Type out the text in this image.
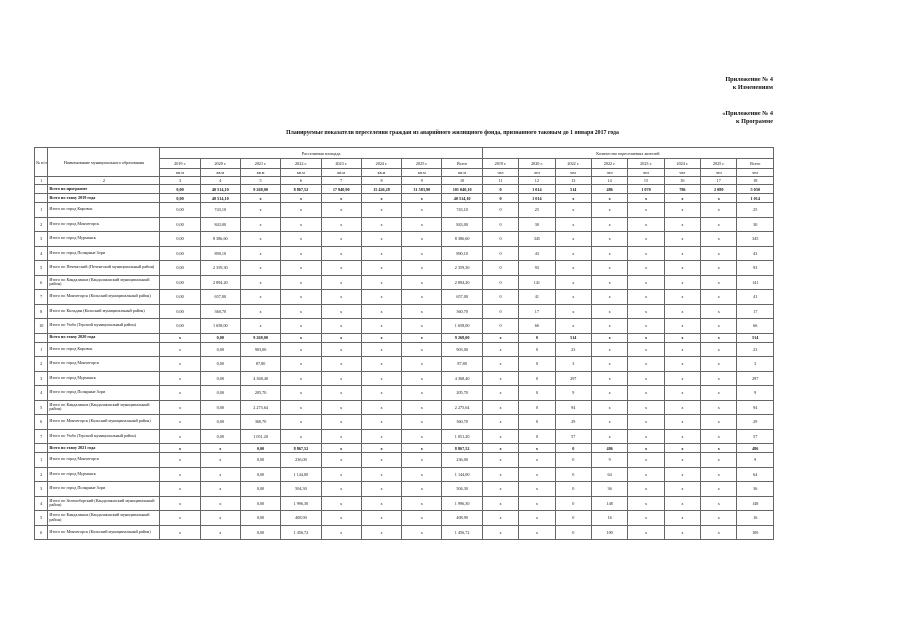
Приложение № 4
к Изменениям
«Приложение № 4
к Программе
Планируемые показатели переселения граждан из аварийного жилищного фонда, признанного таковым до 1 января 2017 года
№ п/п	Наименование муниципального образования	Расселяемая площадь								Количество переселяемых жителей							
		2019 г.	2020 г.	2021 г.	2022 г.	2023 г.	2024 г.	2025 г.	Всего	2019 г.	2020 г.	2022 г.	2022 г.	2023 г.	2024 г.	2025 г.	Всего
		кв.м	кв.м	кв.м	кв.м	кв.м	кв.м	кв.м	кв.м	чел	чел	чел	чел	чел	чел	чел	чел
1	2	3	4	5	6	7	8	9	10	11	12	13	14	15	16	17	18
	Всего по программе	0,00	40 514,10	9 268,00	8 867,52	17 940,90	15 426,28	31 583,90	101 040,10	0	1 014	514	486	1 070	786	2 080	5 030
	Всего по этапу 2019 года	0,00	40 514,10	х	х	х	х	х	40 514,10	0	1 014	х	х	х	х	х	1 014
1	Итого по город Кировск	0,00	743,10	х	х	х	х	х	743,10	0	25	х	х	х	х	х	25
2	Итого по город Мончегорск	0,00	843,00	х	х	х	х	х	843,00	0	30	х	х	х	х	х	30
3	Итого по город Мурманск	0,00	8 386,60	х	х	х	х	х	8 386,60	0	345	х	х	х	х	х	345
4	Итого по город Полярные Зори	0,00	890,10	х	х	х	х	х	890,10	0	43	х	х	х	х	х	43
5	Итого по Печенгский (Печенгский муниципальный район)	0,00	2 359,30	х	х	х	х	х	2 359,30	0	93	х	х	х	х	х	93
6	Итого по Кандалакша (Кандалакшский муниципальный район)	0,00	2 894,20	х	х	х	х	х	2 894,20	0	141	х	х	х	х	х	141
7	Итого по Мончегорск (Кольский муниципальный район)	0,00	657,00	х	х	х	х	х	657,00	0	41	х	х	х	х	х	41
8	Итого по Кильдин (Кольский муниципальный район)	0,00	360,70	х	х	х	х	х	360,70	0	17	х	х	х	х	х	17
10	Итого по Умба (Терский муниципальный район)	0,00	1 658,00	х	х	х	х	х	1 658,00	0	66	х	х	х	х	х	66
	Всего по этапу 2020 года	х	0,00	9 268,00	х	х	х	х	9 268,00	х	0	514	х	х	х	х	514
1	Итого по город Кировск	х	0,00	903,00	х	х	х	х	903,00	х	0	23	х	х	х	х	23
2	Итого по город Мончегорск	х	0,00	87,80	х	х	х	х	87,80	х	0	3	х	х	х	х	3
3	Итого по город Мурманск	х	0,00	4 368,40	х	х	х	х	4 368,40	х	0	297	х	х	х	х	297
4	Итого по город Полярные Зори	х	0,00	205,70	х	х	х	х	205,70	х	0	9	х	х	х	х	9
5	Итого по Кандалакша (Кандалакшский муниципальный район)	х	0,00	2 275,64	х	х	х	х	2 275,64	х	0	94	х	х	х	х	94
6	Итого по Мончегорск (Кольский муниципальный район)	х	0,00	360,70	х	х	х	х	360,70	х	0	29	х	х	х	х	29
7	Итого по Умба (Терский муниципальный район)	х	0,00	1 051,20	х	х	х	х	1 051,20	х	0	57	х	х	х	х	57
	Всего по этапу 2021 года	х	х	0,00	8 867,52	х	х	х	8 867,52	х	х	0	486	х	х	х	486
1	Итого по город Мончегорск	х	х	0,00	236,00	х	х	х	236,00	х	х	0	9	х	х	х	9
2	Итого по город Мурманск	х	х	0,00	1 144,00	х	х	х	1 144,00	х	х	0	64	х	х	х	64
3	Итого по город Полярные Зори	х	х	0,00	504,30	х	х	х	504,30	х	х	0	36	х	х	х	36
4	Итого по Зеленоборский (Кандалакшский муниципальный район)	х	х	0,00	1 996,30	х	х	х	1 996,30	х	х	0	148	х	х	х	148
5	Итого по Кандалакша (Кандалакшский муниципальный район)	х	х	0,00	408,90	х	х	х	408,90	х	х	0	16	х	х	х	16
6	Итого по Мончегорск (Кольский муниципальный район)	х	х	0,00	1 456,72	х	х	х	1 456,72	х	х	0	100	х	х	х	100
